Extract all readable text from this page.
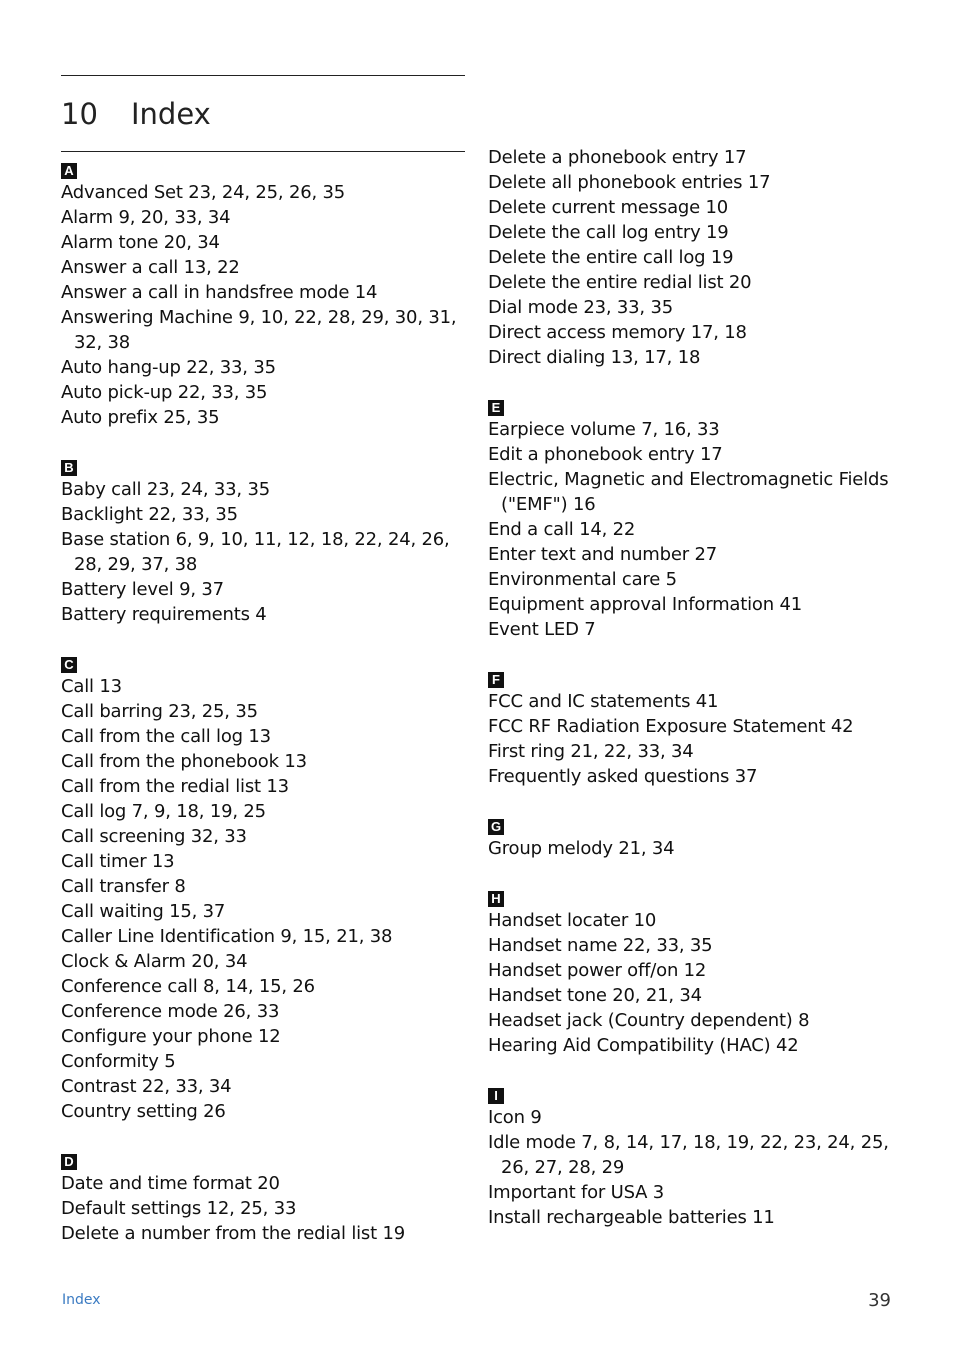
10 Index
A
Advanced Set 23, 24, 25, 26, 35
Alarm 9, 20, 33, 34
Alarm tone 20, 34
Answer a call 13, 22
Answer a call in handsfree mode 14
Answering Machine 9, 10, 22, 28, 29, 30, 31, 32, 38
Auto hang-up 22, 33, 35
Auto pick-up 22, 33, 35
Auto prefix 25, 35
B
Baby call 23, 24, 33, 35
Backlight 22, 33, 35
Base station 6, 9, 10, 11, 12, 18, 22, 24, 26, 28, 29, 37, 38
Battery level 9, 37
Battery requirements 4
C
Call 13
Call barring 23, 25, 35
Call from the call log 13
Call from the phonebook 13
Call from the redial list 13
Call log 7, 9, 18, 19, 25
Call screening 32, 33
Call timer 13
Call transfer 8
Call waiting 15, 37
Caller Line Identification 9, 15, 21, 38
Clock & Alarm 20, 34
Conference call 8, 14, 15, 26
Conference mode 26, 33
Configure your phone 12
Conformity 5
Contrast 22, 33, 34
Country setting 26
D
Date and time format 20
Default settings 12, 25, 33
Delete a number from the redial list 19
Delete a phonebook entry 17
Delete all phonebook entries 17
Delete current message 10
Delete the call log entry 19
Delete the entire call log 19
Delete the entire redial list 20
Dial mode 23, 33, 35
Direct access memory 17, 18
Direct dialing 13, 17, 18
E
Earpiece volume 7, 16, 33
Edit a phonebook entry 17
Electric, Magnetic and Electromagnetic Fields ("EMF") 16
End a call 14, 22
Enter text and number 27
Environmental care 5
Equipment approval Information 41
Event LED 7
F
FCC and IC statements 41
FCC RF Radiation Exposure Statement 42
First ring 21, 22, 33, 34
Frequently asked questions 37
G
Group melody 21, 34
H
Handset locater 10
Handset name 22, 33, 35
Handset power off/on 12
Handset tone 20, 21, 34
Headset jack (Country dependent) 8
Hearing Aid Compatibility (HAC) 42
I
Icon 9
Idle mode 7, 8, 14, 17, 18, 19, 22, 23, 24, 25, 26, 27, 28, 29
Important for USA 3
Install rechargeable batteries 11
Index	39
